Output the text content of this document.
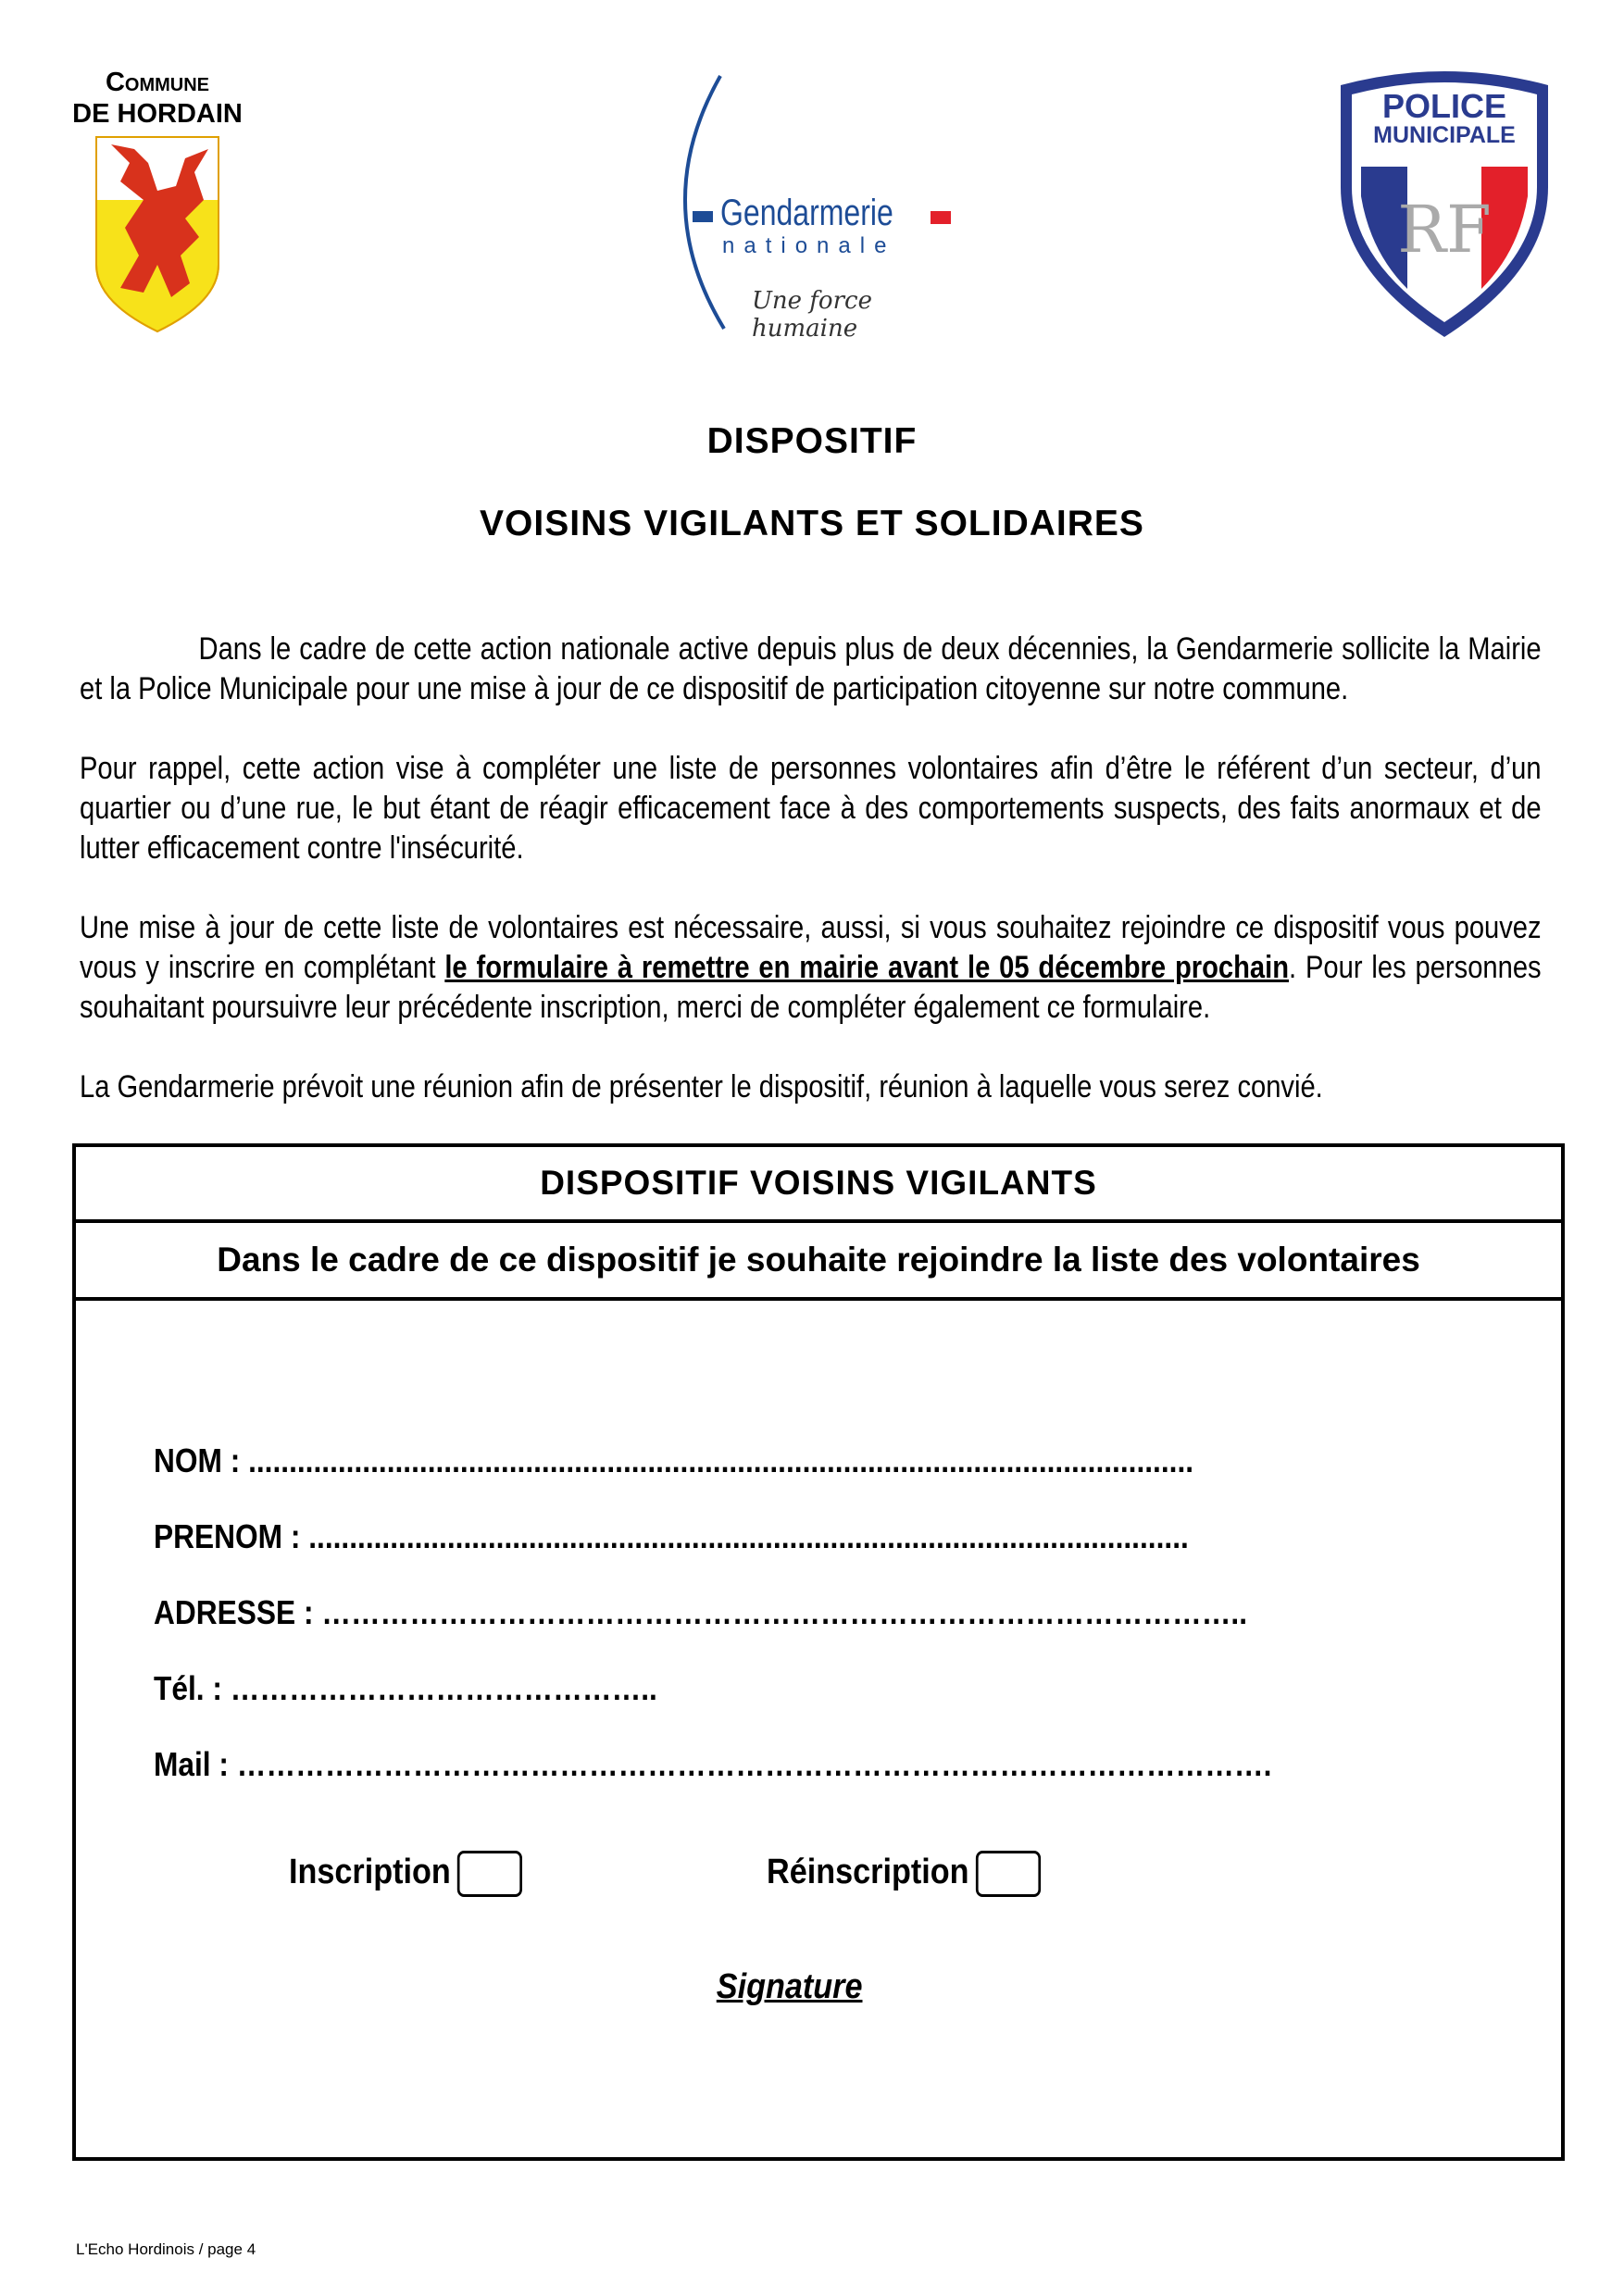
Commune
DE HORDAIN
Gendarmerie
nationale
Une force humaine
RF
POLICE
MUNICIPALE
DISPOSITIF
VOISINS VIGILANTS ET SOLIDAIRES

Dans le cadre de cette action nationale active depuis plus de deux décennies, la Gendarmerie sollicite la Mairie et la Police Municipale pour une mise à jour de ce dispositif de participation citoyenne sur notre commune.

Pour rappel, cette action vise à compléter une liste de personnes volontaires afin d’être le référent d’un secteur, d’un quartier ou d’une rue, le but étant de réagir efficacement face à des comportements suspects, des faits anormaux et de lutter efficacement contre l'insécurité.

Une mise à jour de cette liste de volontaires est nécessaire, aussi, si vous souhaitez rejoindre ce dispositif vous pouvez vous y inscrire en complétant le formulaire à remettre en mairie avant le 05 décembre prochain. Pour les personnes souhaitant poursuivre leur précédente inscription, merci de compléter également ce formulaire.

La Gendarmerie prévoit une réunion afin de présenter le dispositif, réunion à laquelle vous serez convié.

DISPOSITIF VOISINS VIGILANTS
Dans le cadre de ce dispositif je souhaite rejoindre la liste des volontaires
NOM : ....................................................................................................................
PRENOM : ............................................................................................................
ADRESSE : …………………………………………………………………………………..
Tél. : ……………………………………..
Mail : …………………………………………………………………………………………….
Inscription	Réinscription
Signature
L'Echo Hordinois / page 4
